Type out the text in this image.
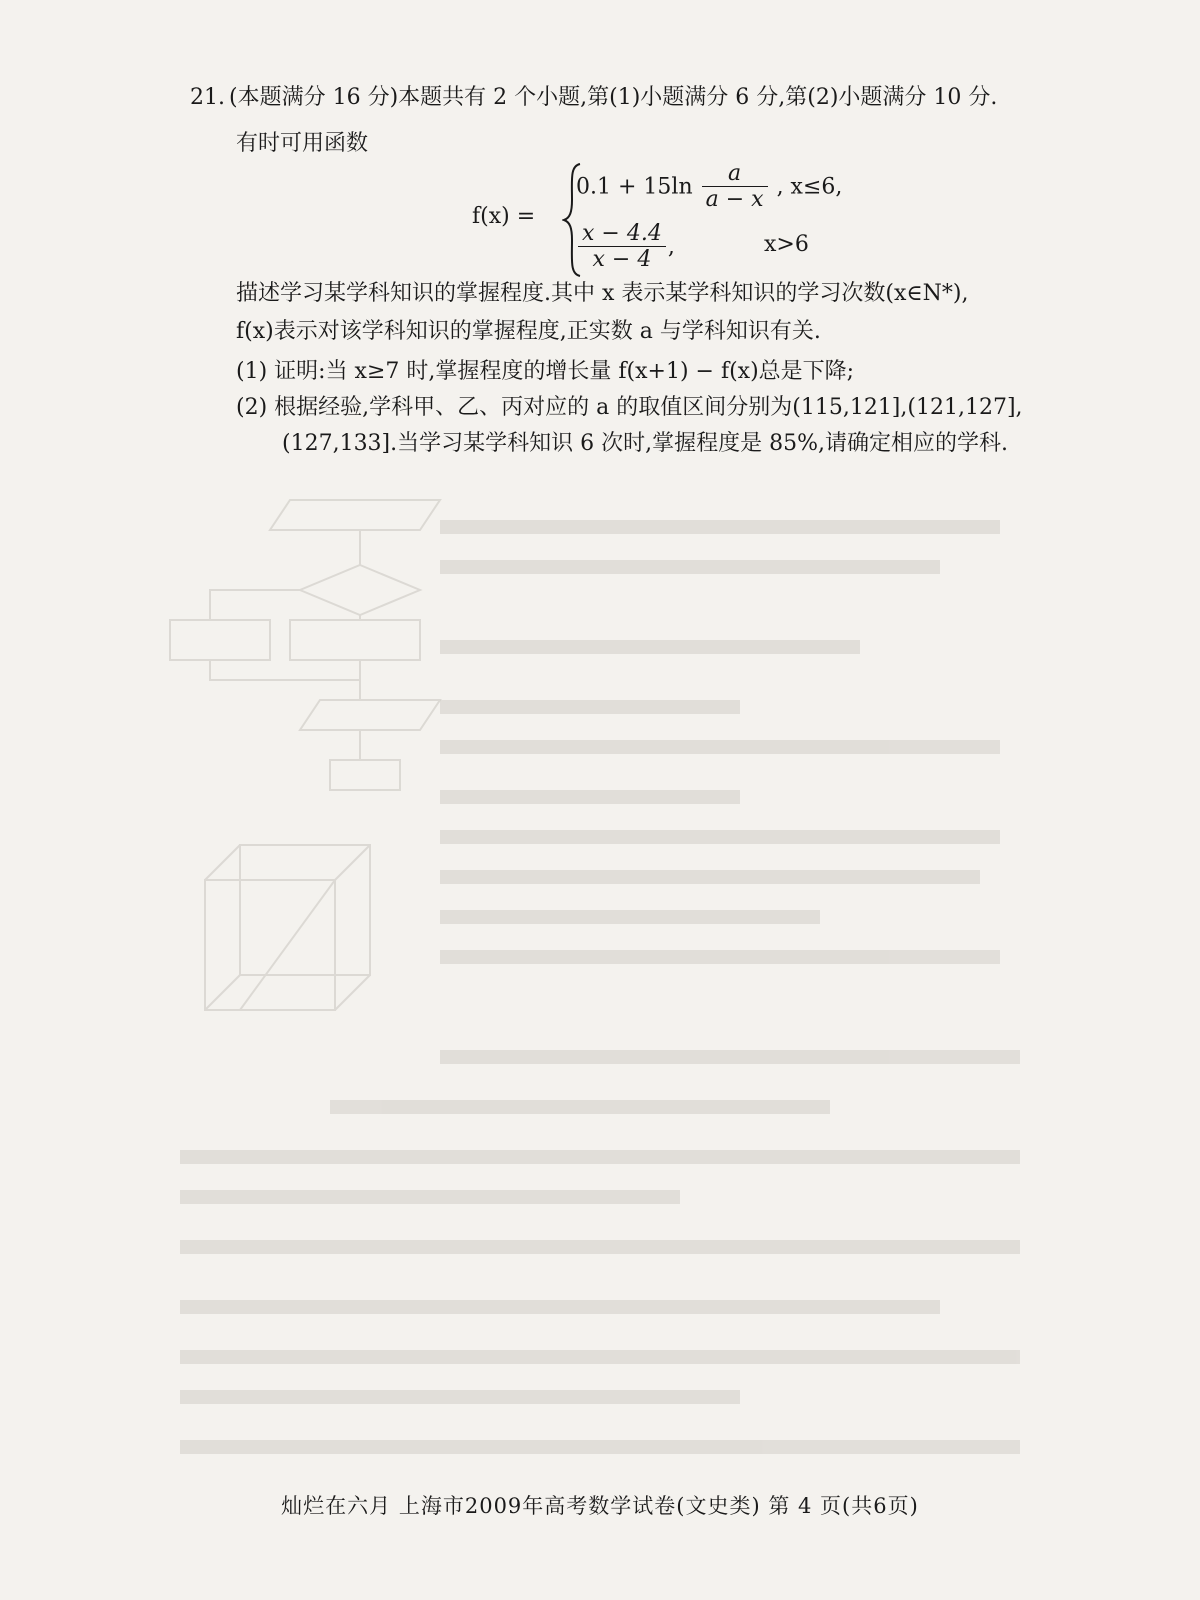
21. (本题满分 16 分)本题共有 2 个小题,第(1)小题满分 6 分,第(2)小题满分 10 分.
有时可用函数
f(x) =
$0.1 + 15\ln \frac{a}{a - x}$ , x≤6,
$\frac{x - 4.4}{x - 4}$ ,	x>6
描述学习某学科知识的掌握程度.其中 x 表示某学科知识的学习次数(x∈N*),
f(x)表示对该学科知识的掌握程度,正实数 a 与学科知识有关.
(1) 证明:当 x≥7 时,掌握程度的增长量 f(x+1) − f(x)总是下降;
(2) 根据经验,学科甲、乙、丙对应的 a 的取值区间分别为(115,121],(121,127],
(127,133].当学习某学科知识 6 次时,掌握程度是 85%,请确定相应的学科.
灿烂在六月 上海市2009年高考数学试卷(文史类) 第 4 页(共6页)
